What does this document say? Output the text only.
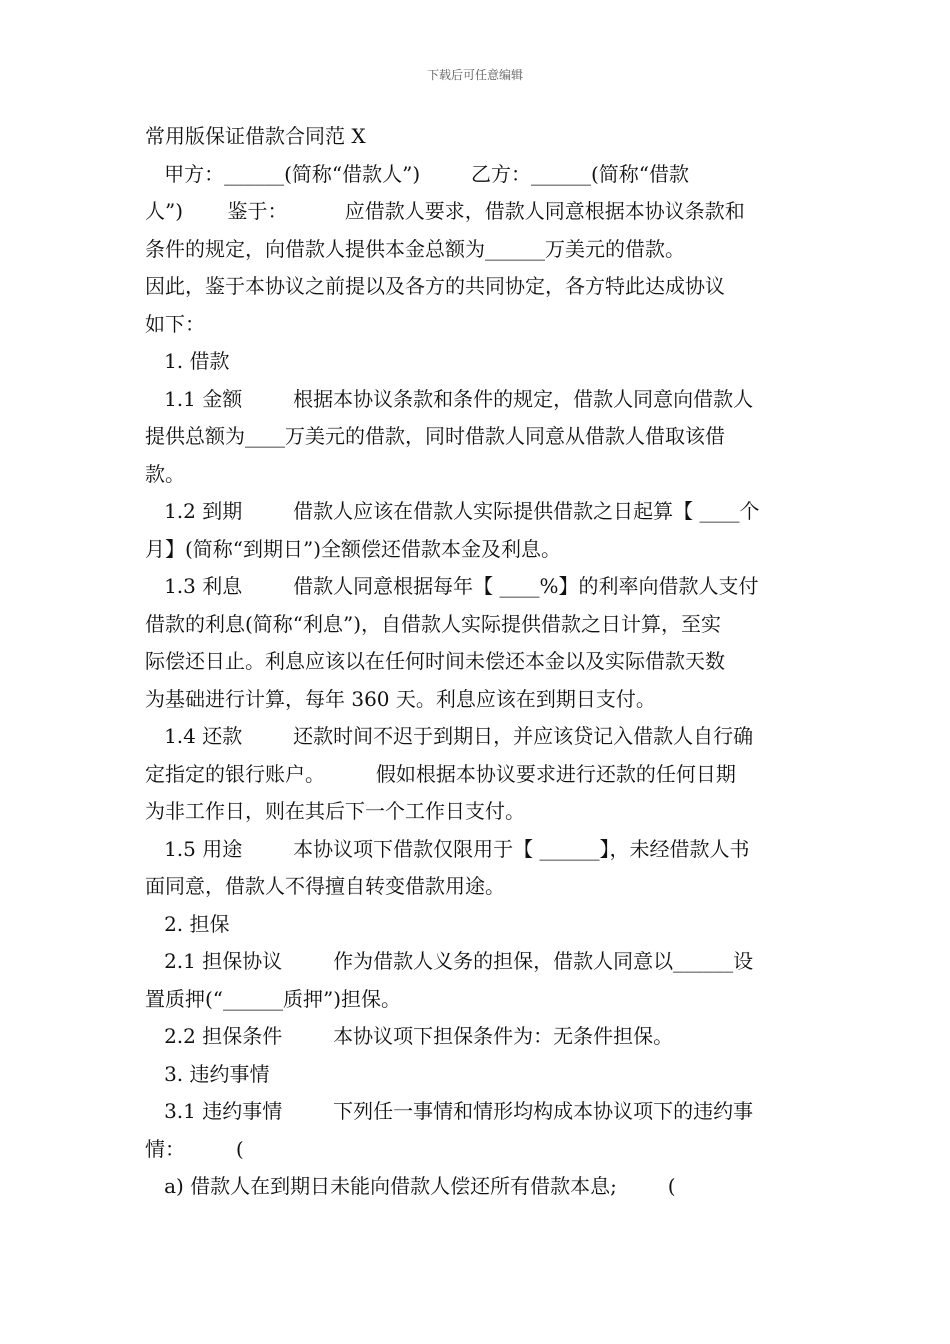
下载后可任意编辑
常用版保证借款合同范 X
甲方：______(简称“借款人”)        乙方：______(简称“借款
人”)       鉴于：         应借款人要求，借款人同意根据本协议条款和
条件的规定，向借款人提供本金总额为______万美元的借款。
因此，鉴于本协议之前提以及各方的共同协定，各方特此达成协议
如下：
1. 借款
1.1 金额        根据本协议条款和条件的规定，借款人同意向借款人
提供总额为____万美元的借款，同时借款人同意从借款人借取该借
款。
1.2 到期        借款人应该在借款人实际提供借款之日起算【 ____个
月】(简称“到期日”)全额偿还借款本金及利息。
1.3 利息        借款人同意根据每年【 ____%】的利率向借款人支付
借款的利息(简称“利息”)，自借款人实际提供借款之日计算，至实
际偿还日止。利息应该以在任何时间未偿还本金以及实际借款天数
为基础进行计算，每年 360 天。利息应该在到期日支付。
1.4 还款        还款时间不迟于到期日，并应该贷记入借款人自行确
定指定的银行账户。        假如根据本协议要求进行还款的任何日期
为非工作日，则在其后下一个工作日支付。
1.5 用途        本协议项下借款仅限用于【 ______】，未经借款人书
面同意，借款人不得擅自转变借款用途。
2. 担保
2.1 担保协议        作为借款人义务的担保，借款人同意以______设
置质押(“______质押”)担保。
2.2 担保条件        本协议项下担保条件为：无条件担保。
3. 违约事情
3.1 违约事情        下列任一事情和情形均构成本协议项下的违约事
情：        (
a) 借款人在到期日未能向借款人偿还所有借款本息;        (
